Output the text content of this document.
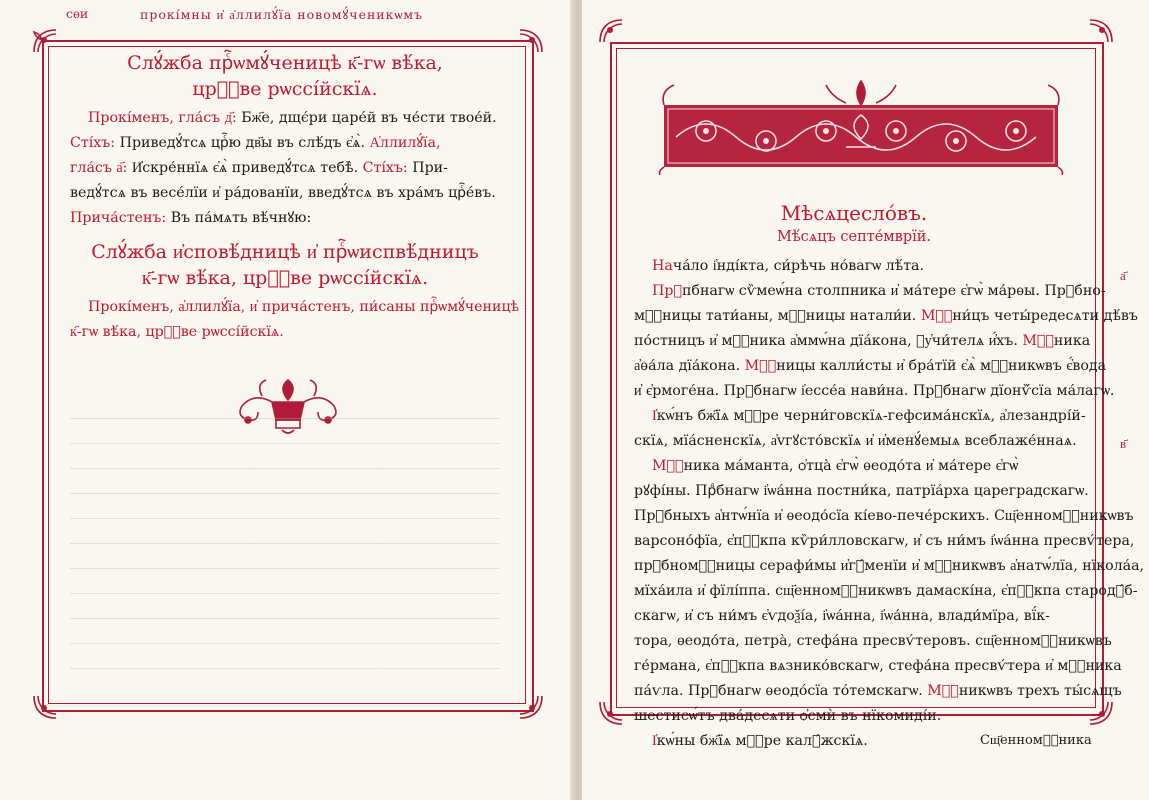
сѳи	прокі́мны и҆ а҆ллилꙋ́їа новомꙋ́ченикѡмъ
Слꙋ́жба прⷭ҇ѡмꙋ́ченицѣ к҃-гѡ вѣ́ка,
црⷦ҇ве рѡссі́йскїѧ.
Прокі́менъ, гла́съ д҃: Бж҃е, дщє́ри царе́й въ че́сти твое́й.
Сті́хъ: Приведꙋ́тсѧ црⷭ҇ю дв҃ы въ слѣ́дъ є҆ѧ̀. А҆ллилꙋ́їа,
гла́съ а҃: И҆скре́ннїѧ є҆ѧ̀ приведꙋ́тсѧ тебѣ̀. Сті́хъ: При-
ведꙋ́тсѧ въ весе́лїи и҆ ра́дованїи, введꙋ́тсѧ въ хра́мъ црⷭ҇е́въ.
Прича́стенъ: Въ па́мѧть вѣ́чнꙋю:
Слꙋ́жба и҆сповѣ́дницѣ и҆ прⷭ҇ѡиспвѣ́дницъ
к҃-гѡ вѣ́ка, црⷦ҇ве рѡссі́йскїѧ.
Прокі́менъ, а҆ллилꙋ́їа, и҆ прича́стенъ, пи́саны прⷭ҇ѡмꙋ́ченицѣ
к҃-гѡ вѣ́ка, црⷦ҇ве рѡссі́йскїѧ.
Мѣсѧцесло́въ.
Мѣ́сѧцъ септе́мврїй.
Нача́ло і҆нді́кта, си́рѣчь но́вагѡ лѣ́та.
Прⷣпбнагѡ сѷмеѡ́на столпника и҆ ма́тере є҆гѡ̀ ма́рѳы. Прⷣбно-
мⷱ҇ницы тати́аны, мⷱ҇ницы натали́и. Мⷱ҇ни́цъ четы́редесѧти дѣ́въ
по́стницъ и҆ мⷱ҇ника а҆ммѡ́на дїа́кона, ᲂу҆чи́телѧ и҆́хъ. Мⷱ҇ника
а҆ѳа́ла дїа́кона. Мⷱ҇ницы калли́сты и҆ бра́тїй є҆ѧ̀ мⷱ҇никѡвъ є҆́вода
и҆ є҆рмоге́на. Прⷣбнагѡ і҆ессе́а нави́на. Прⷣбнагѡ дїонѷ́сїа ма́лагѡ.
І҆кѡ́нъ бж҃їѧ мⷴ҇ре черни́говскїѧ-гефсима́нскїѧ, а҆лезандрі́й-
скїѧ, мїа́сненскїѧ, а҆vгꙋсто́вскїѧ и҆ и҆менꙋ́емыѧ всеблаже́ннаѧ.
Мⷱ҇ника ма́манта, ѻ҆тца̀ є҆гѡ̀ ѳеодо́та и҆ ма́тере є҆гѡ̀
рꙋфі́ны. Прⷣбнагѡ і҆ѡа́нна постни́ка, патрїа́рха цареградскагѡ.
Прⷣбныхъ а҆нтѡ́нїа и҆ ѳеодо́сїа кі́ево-пече́рскихъ. Сщ҃енномⷱ҇никѡвъ
варсоно́фїа, є҆пⷭ҇кпа кѷри́лловскагѡ, и҆ съ ни́мъ і҆ѡа́нна пресвѵ́тера,
прⷣбномⷱ҇ницы серафи́мы и҆гꙋ́менїи и҆ мⷱ҇никѡвъ а҆натѡ́лїа, нїкола́а,
мїха́ила и҆ фїлі́ппа. сщ҃енномⷱ҇никѡвъ дамаскі́на, є҆пⷭ҇кпа стародꙋ́б-
скагѡ, и҆ съ ни́мъ є҆ѵдоѯі́а, і҆ѡа́нна, і҆ѡа́нна, влади́мїра, вї́к-
тора, ѳеодо́та, петра̀, стефа́на пресвѵ́теровъ. сщ҃енномⷱ҇никѡвъ
ге́рмана, є҆пⷭ҇кпа вѧзнико́вскагѡ, стефа́на пресвѵ́тера и҆ мⷱ҇ника
па́ѵла. Прⷣбнагѡ ѳеодо́сїа то́темскагѡ. Мⷱ҇никѡвъ трехъ ты́сѧщъ
шестисѡ́тъ два́десѧти ѻ҆смѝ въ нїкомиді́и.
І҆кѡ́ны бж҃їѧ мⷴ҇ре калꙋ́жскїѧ.	Сщ҃енномⷱ҇ника
а҃
в҃
